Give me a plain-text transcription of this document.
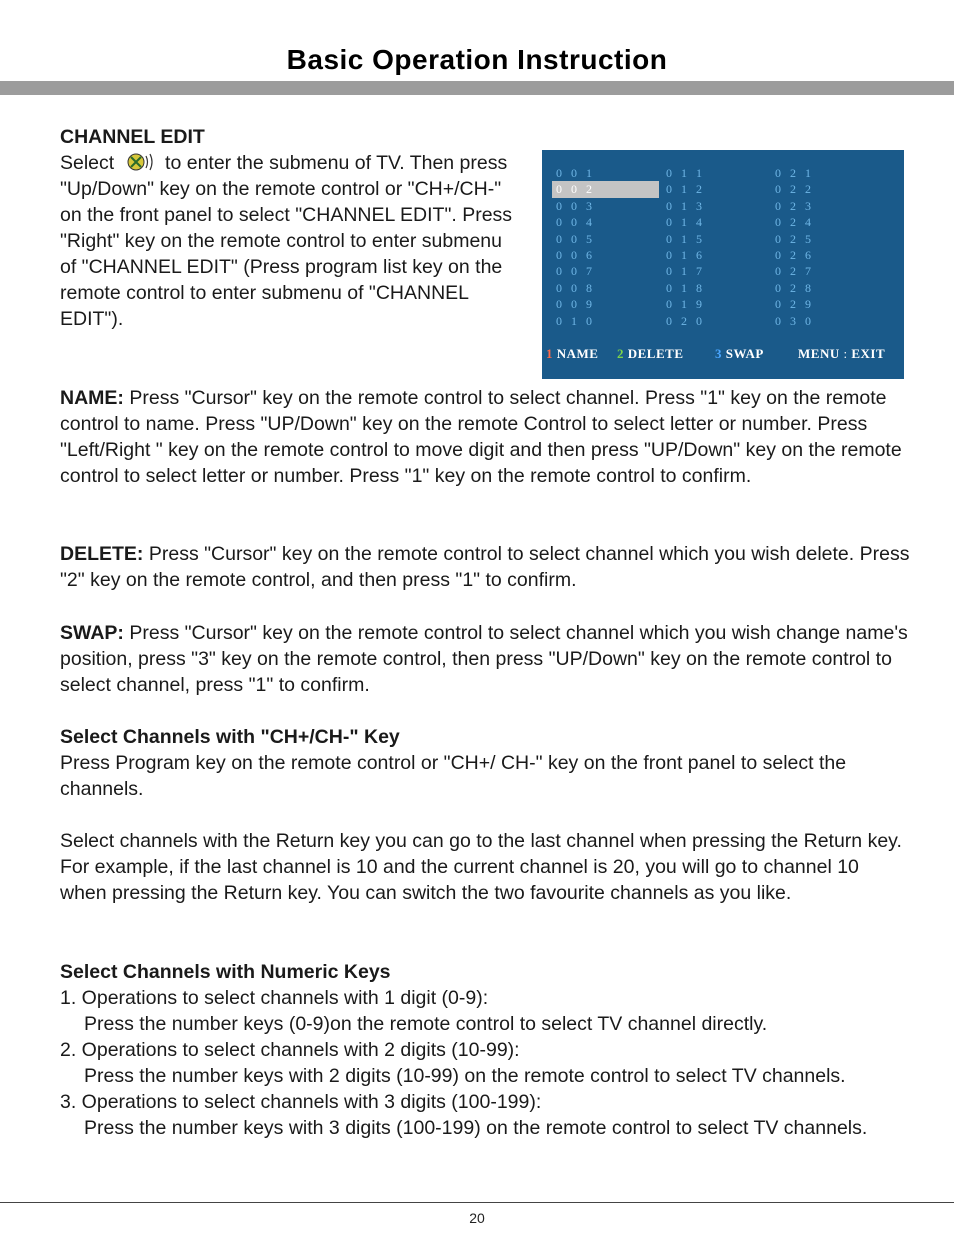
Basic Operation Instruction
CHANNEL EDIT
Select	to enter the submenu of TV. Then press "Up/Down" key on the remote control or "CH+/CH-" on the front panel to select "CHANNEL EDIT". Press "Right" key on the remote control to enter submenu of "CHANNEL EDIT" (Press program list key on the remote control to enter submenu of "CHANNEL EDIT").
0 0 1
0 0 2
0 0 3
0 0 4
0 0 5
0 0 6
0 0 7
0 0 8
0 0 9
0 1 0
0 1 1
0 1 2
0 1 3
0 1 4
0 1 5
0 1 6
0 1 7
0 1 8
0 1 9
0 2 0
0 2 1
0 2 2
0 2 3
0 2 4
0 2 5
0 2 6
0 2 7
0 2 8
0 2 9
0 3 0
1 NAME 2 DELETE 3 SWAP	MENU : EXIT

NAME: Press "Cursor" key on the remote control to select channel. Press "1" key on the remote control to name. Press "UP/Down" key on the remote Control to select letter or number. Press "Left/Right " key on the remote control to move digit and then press "UP/Down" key on the remote control to select letter or number. Press "1" key on the remote control to confirm.

DELETE: Press "Cursor" key on the remote control to select channel which you wish delete. Press "2" key on the remote control, and then press "1" to confirm.

SWAP: Press "Cursor" key on the remote control to select channel which you wish change name's position, press "3" key on the remote control, then press "UP/Down" key on the remote control to select channel, press "1" to confirm.

Select Channels with "CH+/CH-" Key
Press Program key on the remote control or "CH+/ CH-" key on the front panel to select the channels.

Select channels with the Return key you can go to the last channel when pressing the Return key. For example, if the last channel is 10 and the current channel is 20, you will go to channel 10 when pressing the Return key. You can switch the two favourite channels as you like.

Select Channels with Numeric Keys
1. Operations to select channels with 1 digit (0-9):
Press the number keys (0-9)on the remote control to select TV channel directly.
2. Operations to select channels with 2 digits (10-99):
Press the number keys with 2 digits (10-99) on the remote control to select TV channels.
3. Operations to select channels with 3 digits (100-199):
Press the number keys with 3 digits (100-199) on the remote control to select TV channels.
20
